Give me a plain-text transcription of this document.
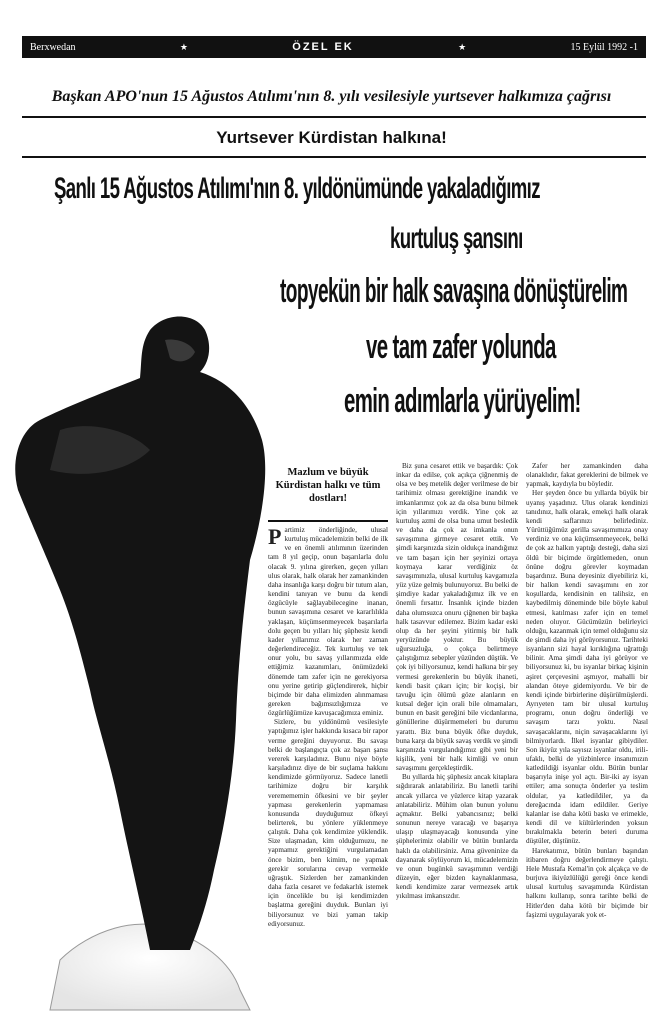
Berxwedan	★	ÖZEL EK	★	15 Eylül 1992 -1
Başkan APO'nun 15 Ağustos Atılımı'nın 8. yılı vesilesiyle yurtsever halkımıza çağrısı
Yurtsever Kürdistan halkına!
Şanlı 15 Ağustos Atılımı'nın 8. yıldönümünde yakaladığımız
kurtuluş şansını
topyekün bir halk savaşına dönüştürelim
ve tam zafer yolunda
emin adımlarla yürüyelim!
Mazlum ve büyük Kürdistan halkı ve tüm dostları!

Partimiz önderliğinde, ulusal kurtuluş mücadelemizin belki de ilk ve en önemli atılımının üzerinden tam 8 yıl geçip, onun başarılarla dolu olacak 9. yılına girerken, geçen yılları ulus olarak, halk olarak her zamankinden daha insanlığa karşı doğru bir tutum alan, kendini tanıyan ve bunu da kendi özgücüyle sağlayabilecegine inanan, bunun savaşımına cesaret ve kararlılıkla yaklaşan, küçümsenmeyecek başarılarla dolu geçen bu yılları hiç şüphesiz kendi kader yıllarımız olarak her zaman değerlendireceğiz. Tek kurtuluş ve tek onur yolu, bu savaş yıllarımızda elde ettiğimiz kazanımları, önümüzdeki dönemde tam zafer için ne gerekiyorsa onu yerine getirip güçlendirerek, hiçbir biçimde bir daha elimizden alınmaması gereken bağımsızlığımıza ve özgürlüğümüze kavuşacağımıza eminiz.

Sizlere, bu yıldönümü vesilesiyle yaptığımız işler hakkında kısaca bir rapor verme gereğini duyuyoruz. Bu savaşı belki de başlangıçta çok az başarı şansı vererek karşıladınız. Bunu niye böyle karşıladınız diye de bir suçlama hakkını kendimizde görmüyoruz. Sadece lanetli tarihimize doğru bir karşılık veremememin öfkesini ve bir şeyler yapması gerekenlerin yapmaması konusunda duyduğumuz öfkeyi belirterek, bu yönlere yüklenmeye çalıştık. Daha çok kendimize yüklendik. Size ulaşmadan, kim olduğumuzu, ne yapmamız gerektiğini vurgulamadan önce bizim, ben kimim, ne yapmak gerekir sorularına cevap vermekle uğraştık. Sizlerden her zamankinden daha fazla cesaret ve fedakarlık istemek için öncelikle bu işi kendimizden başlatma gereğini duyduk. Bunları iyi biliyorsunuz ve bizi yaman takip ediyorsunuz.

Biz şuna cesaret ettik ve başardık: Çok inkar da edilse, çok açıkça çiğnenmiş de olsa ve beş metelik değer verilmese de bir tarihimiz olması gerektiğine inandık ve imkanlarımız çok az da olsa bunu bilmek için yıllarımızı verdik. Yine çok az kurtuluş azmi de olsa buna umut besledik ve daha da çok az imkanla onun savaşımına girmeye cesaret ettik. Ve şimdi karşınızda sizin oldukça inandığınız ve tam başarı için her şeyinizi ortaya koymaya karar verdiğiniz öz savaşımınızla, ulusal kurtuluş kavgamızla yüz yüze gelmiş bulunuyoruz. Bu belki de şimdiye kadar yakaladığımız ilk ve en önemli fırsattır. İnsanlık içinde bizden daha olumsuzca onuru çiğnenen bir başka halk tasavvur edilemez. Bizim kadar eski olup da her şeyini yitirmiş bir halk yeryüzünde yoktur. Bu büyük uğursuzluğa, o çokça belirtmeye çalıştığımız sebepler yüzünden düştük. Ve çok iyi biliyorsunuz, kendi halkına bir şey vermesi gerekenlerin bu büyük ihaneti, kendi basit çıkarı için; bir koçişi, bir tavuğu için ölümü göze alanların en kutsal değer için orali bile olmamaları, bunun en basit gereğini bile vicdanlarına, gönüllerine düşürmemeleri bu durumu yarattı. Biz buna büyük öfke duyduk, buna karşı da büyük savaş verdik ve şimdi karşınızda vurgulandığımız gibi yeni bir kişilik, yeni bir halk kimliği ve onun savaşımını gerçekleştirdik.

Bu yıllarda hiç şüphesiz ancak kitaplara sığdırarak anlatabiliriz. Bu lanetli tarihi ancak yıllarca ve yüzlerce kitap yazarak anlatabiliriz. Mühim olan bunun yolunu açmaktır. Belki yabancısınız; belki sonunun nereye varacağı ve başarıya ulaşıp ulaşmayacağı konusunda yine şüphelerimiz olabilir ve bütün bunlarda haklı da olabilirsiniz. Ama güveninize da dayanarak söylüyorum ki, mücadelemizin ve onun bugünkü savaşımının verdiği düzeyin, eğer bizden kaynaklanmasa, kendi kendimize zarar vermezsek artık yıkılması imkansızdır.

Zafer her zamankinden daha olanaklıdır, fakat gereklerini de bilmek ve yapmak, kaydıyla bu böyledir.

Her şeyden önce bu yıllarda büyük bir uyanış yaşadınız. Ulus olarak kendinizi tanıdınız, halk olarak, emekçi halk olarak kendi saflarınızı belirlediniz. Yürüttüğümüz gerilla savaşımımıza onay verdiniz ve ona küçümsenmeyecek, belki de çok az halkın yaptığı desteği, daha sizi öldü bir biçimde örgütlemeden, onun önüne doğru görevler koymadan başardınız. Buna deyesiniz diyebiliriz ki, bir halkın kendi savaşımını en zor koşullarda, kendisinin en talihsiz, en kaybedilmiş döneminde bile böyle kabul etmesi, katılması zafer için en temel neden oluyor. Gücümüzün belirleyici olduğu, kazanmak için temel olduğunu siz de şimdi daha iyi görüyorsunuz. Tarihteki isyanların sizi hayal kırıklığına uğrattığı bilinir. Ama şimdi daha iyi görüyor ve biliyorsunuz ki, bu isyanlar birkaç kişinin aşiret çerçevesini aşmıyor, mahalli bir alandan öteye gidemiyordu. Ve bir de kendi içinde birbirlerine düşürülmüşlerdi. Ayrıyeten tam bir ulusal kurtuluş programı, onun doğru önderliği ve savaşım tarzı yoktu. Nasıl savaşacaklarını, niçin savaşacaklarını iyi bilmiyorlardı. İlkel isyanlar gibiydiler. Son ikiyüz yıla sayısız isyanlar oldu, irili-ufaklı, belki de yüzbinlerce insanımızın katledildiği isyanlar oldu. Bütün bunlar başarıyla inişe yol açtı. Bir-iki ay isyan ettiler; ama sonuçta önderler ya teslim oldular, ya katledildiler, ya da dereğacında idam edildiler. Geriye kalanlar ise daha kötü baskı ve erimekle, kendi dil ve kültürlerinden yoksun bırakılmakla beterin beteri duruma düştüler, düştünüz.

Harekatımız, bütün bunları başından itibaren doğru değerlendirmeye çalıştı. Hele Mustafa Kemal'in çok alçakça ve de burjuva ikiyüzlülüğü gereği önce kendi ulusal kurtuluş savaşımında Kürdistan halkını kullanıp, sonra tarihte belki de Hitler'den daha kötü bir biçimde bir faşizmi uygulayarak yok et-
